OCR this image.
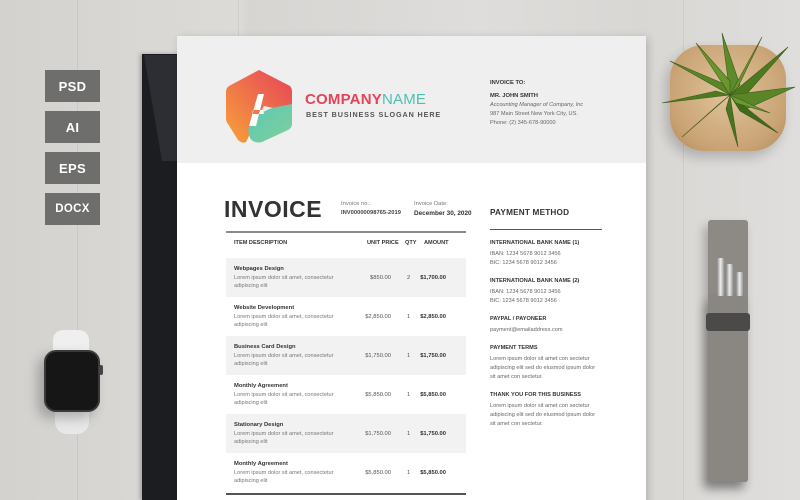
PSD
AI
EPS
DOCX
COMPANYNAME
BEST BUSINESS SLOGAN HERE
INVOICE TO:
MR. JOHN SMITH
Accounting Manager of Company, Inc
987 Main Street New York City, US.
Phone: (2) 345-678-90000
INVOICE	Invoice no.:
INV00000098765-2019
Invoice Date:
December 30, 2020
ITEM DESCRIPTION	UNIT PRICE QTY AMOUNT
Webpages Design
Lorem ipsum dolor sit amet, consectetur adipiscing elit
$850.00	2 $1,700.00
Website Development
Lorem ipsum dolor sit amet, consectetur adipiscing elit
$2,850.00	1 $2,850.00
Business Card Design
Lorem ipsum dolor sit amet, consectetur adipiscing elit
$1,750.00	1 $1,750.00
Monthly Agreement
Lorem ipsum dolor sit amet, consectetur adipiscing elit
$5,850.00	1 $5,850.00
Stationary Design
Lorem ipsum dolor sit amet, consectetur adipiscing elit
$1,750.00	1 $1,750.00
Monthly Agreement
Lorem ipsum dolor sit amet, consectetur adipiscing elit
$5,850.00	1 $5,850.00
PAYMENT METHOD
INTERNATIONAL BANK NAME (1)
IBAN: 1234 5678 9012 3456
BIC: 1234 5678 9012 3456
INTERNATIONAL BANK NAME (2)
IBAN: 1234 5678 9012 3456
BIC: 1234 5678 9012 3456
PAYPAL / PAYONEER
payment@emailaddress.com
PAYMENT TERMS
Lorem ipsum dolor sit amet con sectetur adipiscing elit sed do eiusmod ipsum dolor sit amet con sectetur.
THANK YOU FOR THIS BUSINESS
Lorem ipsum dolor sit amet con sectetur adipiscing elit sed do eiusmod ipsum dolor sit amet con sectetur.
